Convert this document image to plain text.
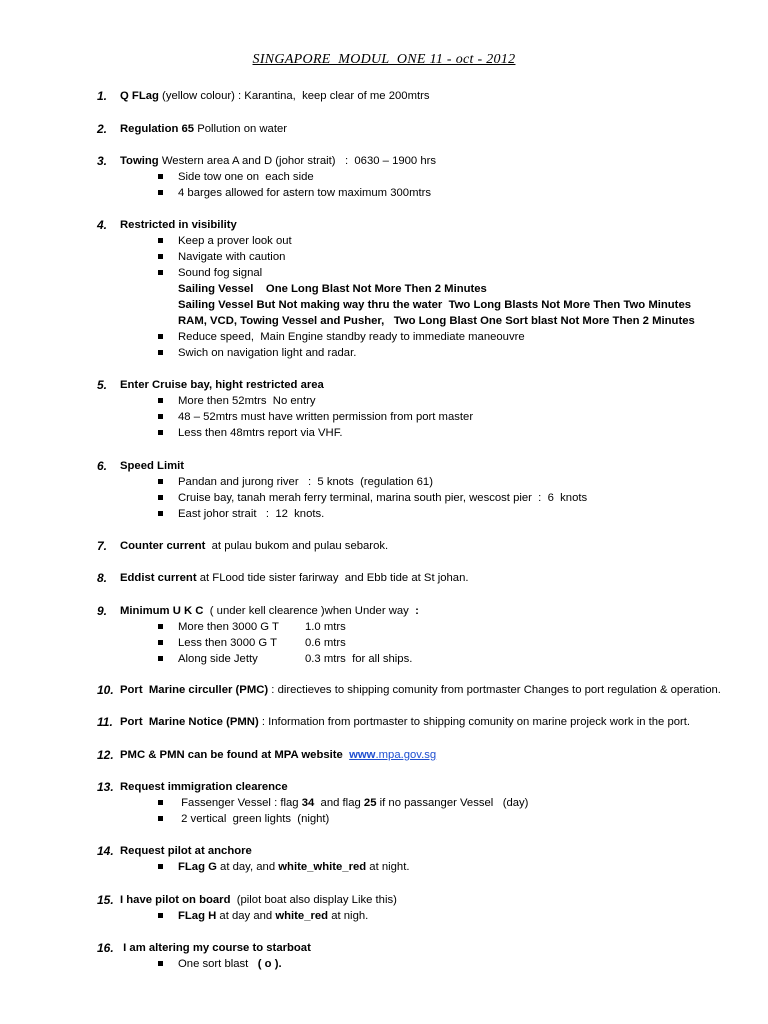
SINGAPORE  MODUL  ONE 11 - oct - 2012
1.	Q FLag (yellow colour) : Karantina,  keep clear of me 200mtrs
2.	Regulation 65 Pollution on water
3.	Towing Western area A and D (johor strait)   :  0630 – 1900 hrs
Side tow one on  each side
4 barges allowed for astern tow maximum 300mtrs
4.	Restricted in visibility
Keep a prover look out
Navigate with caution
Sound fog signal
Sailing Vessel    One Long Blast Not More Then 2 Minutes
Sailing Vessel But Not making way thru the water  Two Long Blasts Not More Then Two Minutes
RAM, VCD, Towing Vessel and Pusher,   Two Long Blast One Sort blast Not More Then 2 Minutes
Reduce speed,  Main Engine standby ready to immediate maneouvre
Swich on navigation light and radar.
5.	Enter Cruise bay, hight restricted area
More then 52mtrs  No entry
48 – 52mtrs must have written permission from port master
Less then 48mtrs report via VHF.
6.	Speed Limit
Pandan and jurong river   :  5 knots  (regulation 61)
Cruise bay, tanah merah ferry terminal, marina south pier, wescost pier  :  6  knots
East johor strait   :  12  knots.
7.	Counter current  at pulau bukom and pulau sebarok.
8.	Eddist current at FLood tide sister farirway  and Ebb tide at St johan.
9.	Minimum U K C  ( under kell clearence )when Under way  :
More then 3000 G T 1.0 mtrs
Less then 3000 G T 0.6 mtrs
Along side Jetty	0.3 mtrs  for all ships.
10. Port  Marine circuller (PMC) : directieves to shipping comunity from portmaster Changes to port regulation & operation.
11. Port  Marine Notice (PMN) : Information from portmaster to shipping comunity on marine projeck work in the port.
12. PMC & PMN can be found at MPA website www.mpa.gov.sg
13. Request immigration clearence
Fassenger Vessel : flag 34  and flag 25 if no passanger Vessel   (day)
2 vertical  green lights  (night)
14. Request pilot at anchore
FLag G at day, and white_white_red at night.
15. I have pilot on board  (pilot boat also display Like this)
FLag H at day and white_red at nigh.
16. I am altering my course to starboat
One sort blast   ( o ).
